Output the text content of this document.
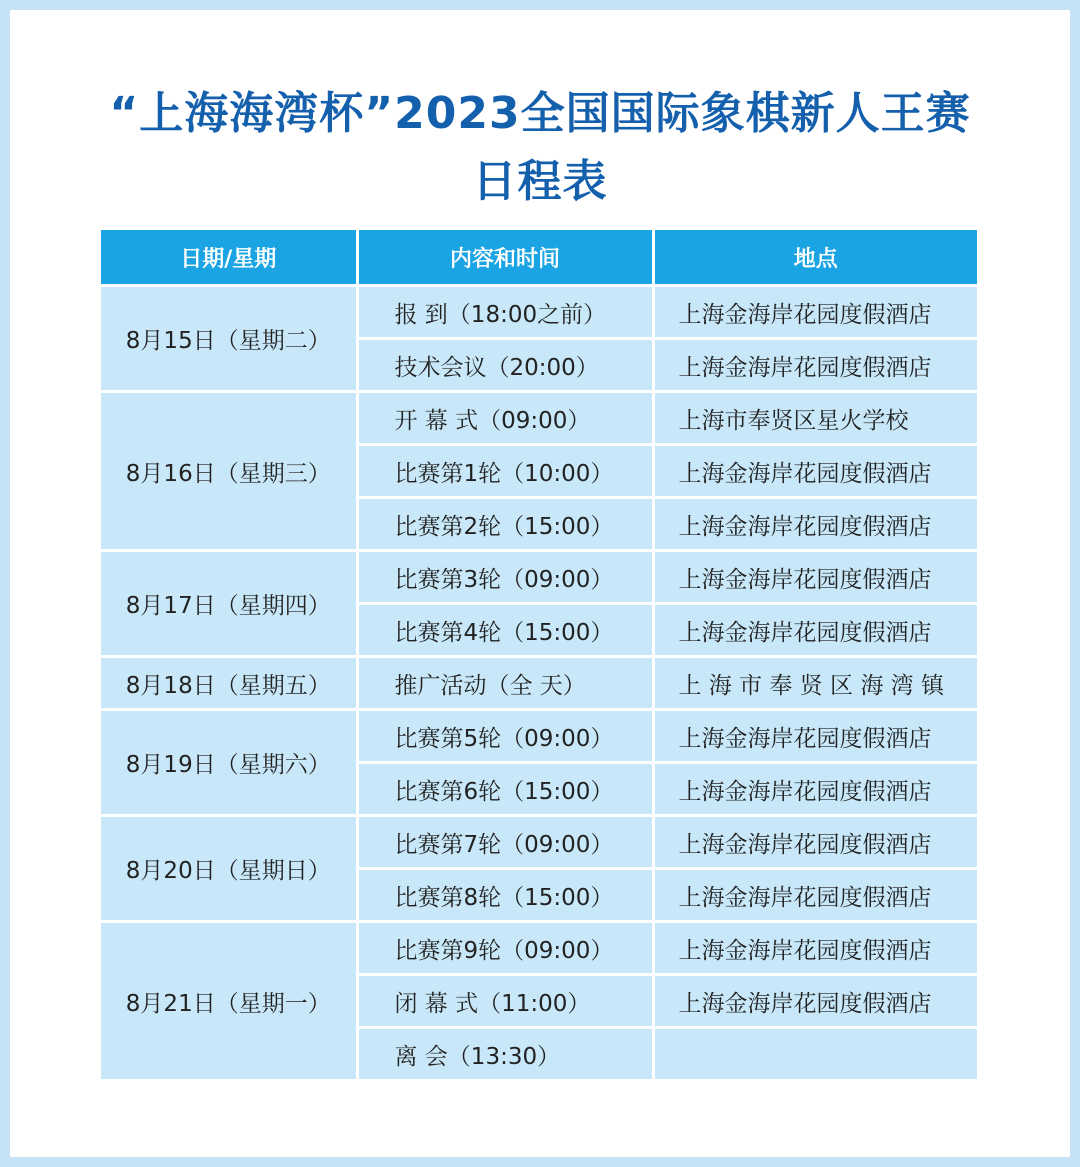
“上海海湾杯”2023全国国际象棋新人王赛
日程表
日期/星期	内容和时间	地点
8月15日（星期二）	报 到（18:00之前）	上海金海岸花园度假酒店
	技术会议（20:00）	上海金海岸花园度假酒店
8月16日（星期三）	开 幕 式（09:00）	上海市奉贤区星火学校
	比赛第1轮（10:00）	上海金海岸花园度假酒店
	比赛第2轮（15:00）	上海金海岸花园度假酒店
8月17日（星期四）	比赛第3轮（09:00）	上海金海岸花园度假酒店
	比赛第4轮（15:00）	上海金海岸花园度假酒店
8月18日（星期五）	推广活动（全 天）	上 海 市 奉 贤 区 海 湾 镇
8月19日（星期六）	比赛第5轮（09:00）	上海金海岸花园度假酒店
	比赛第6轮（15:00）	上海金海岸花园度假酒店
8月20日（星期日）	比赛第7轮（09:00）	上海金海岸花园度假酒店
	比赛第8轮（15:00）	上海金海岸花园度假酒店
8月21日（星期一）	比赛第9轮（09:00）	上海金海岸花园度假酒店
	闭 幕 式（11:00）	上海金海岸花园度假酒店
	离 会（13:30）	
